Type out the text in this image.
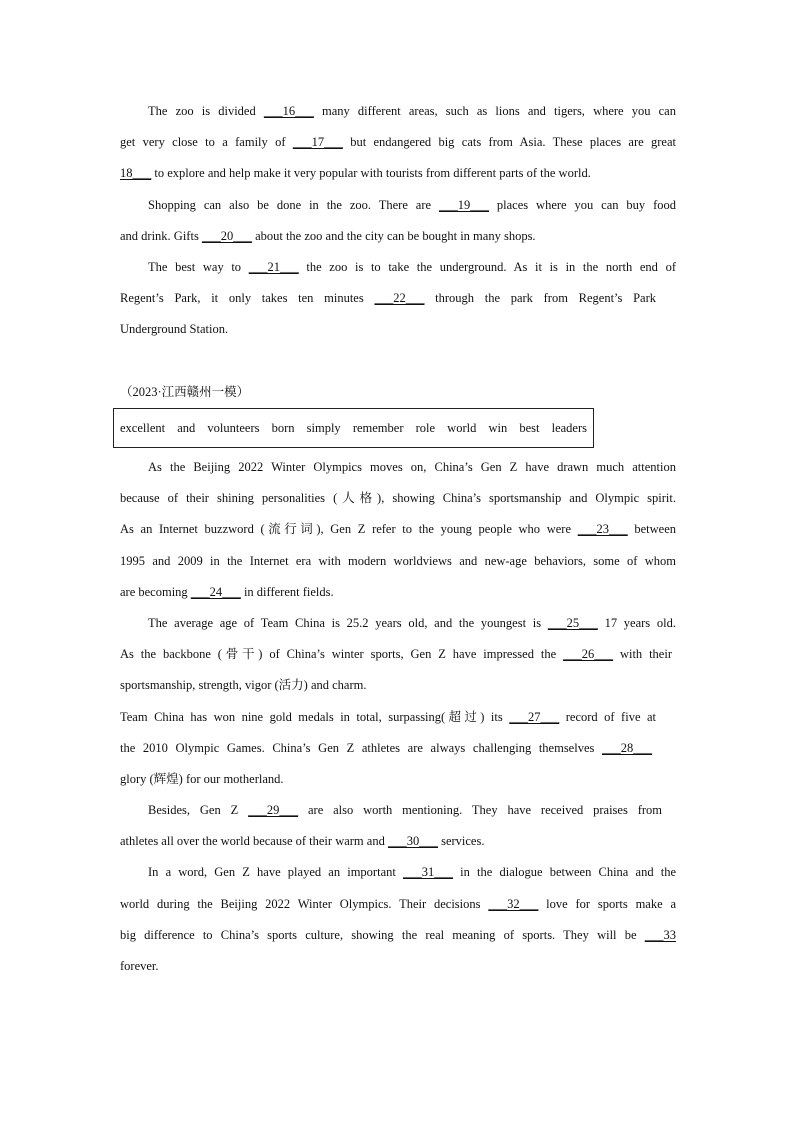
The zoo is divided ___16___ many different areas, such as lions and tigers, where you can
get very close to a family of ___17___ but endangered big cats from Asia. These places are great
18___ to explore and help make it very popular with tourists from different parts of the world.
Shopping can also be done in the zoo. There are ___19___ places where you can buy food
and drink. Gifts ___20___ about the zoo and the city can be bought in many shops.
The best way to ___21___ the zoo is to take the underground. As it is in the north end of
Regent’s Park, it only takes ten minutes ___22___ through the park from Regent’s Park
Underground Station.
（2023·江西赣州一模）
excellent and volunteers born simply remember role world win best leaders
As the Beijing 2022 Winter Olympics moves on, China’s Gen Z have drawn much attention
because of their shining personalities (人格), showing China’s sportsmanship and Olympic spirit.
As an Internet buzzword (流行词), Gen Z refer to the young people who were ___23___ between
1995 and 2009 in the Internet era with modern worldviews and new-age behaviors, some of whom
are becoming ___24___ in different fields.
The average age of Team China is 25.2 years old, and the youngest is ___25___ 17 years old.
As the backbone (骨干) of China’s winter sports, Gen Z have impressed the ___26___ with their
sportsmanship, strength, vigor (活力) and charm.
Team China has won nine gold medals in total, surpassing(超过) its ___27___ record of five at
the 2010 Olympic Games. China’s Gen Z athletes are always challenging themselves ___28___
glory (辉煌) for our motherland.
Besides, Gen Z ___29___ are also worth mentioning. They have received praises from
athletes all over the world because of their warm and ___30___ services.
In a word, Gen Z have played an important ___31___ in the dialogue between China and the
world during the Beijing 2022 Winter Olympics. Their decisions ___32___ love for sports make a
big difference to China’s sports culture, showing the real meaning of sports. They will be ___33
forever.
